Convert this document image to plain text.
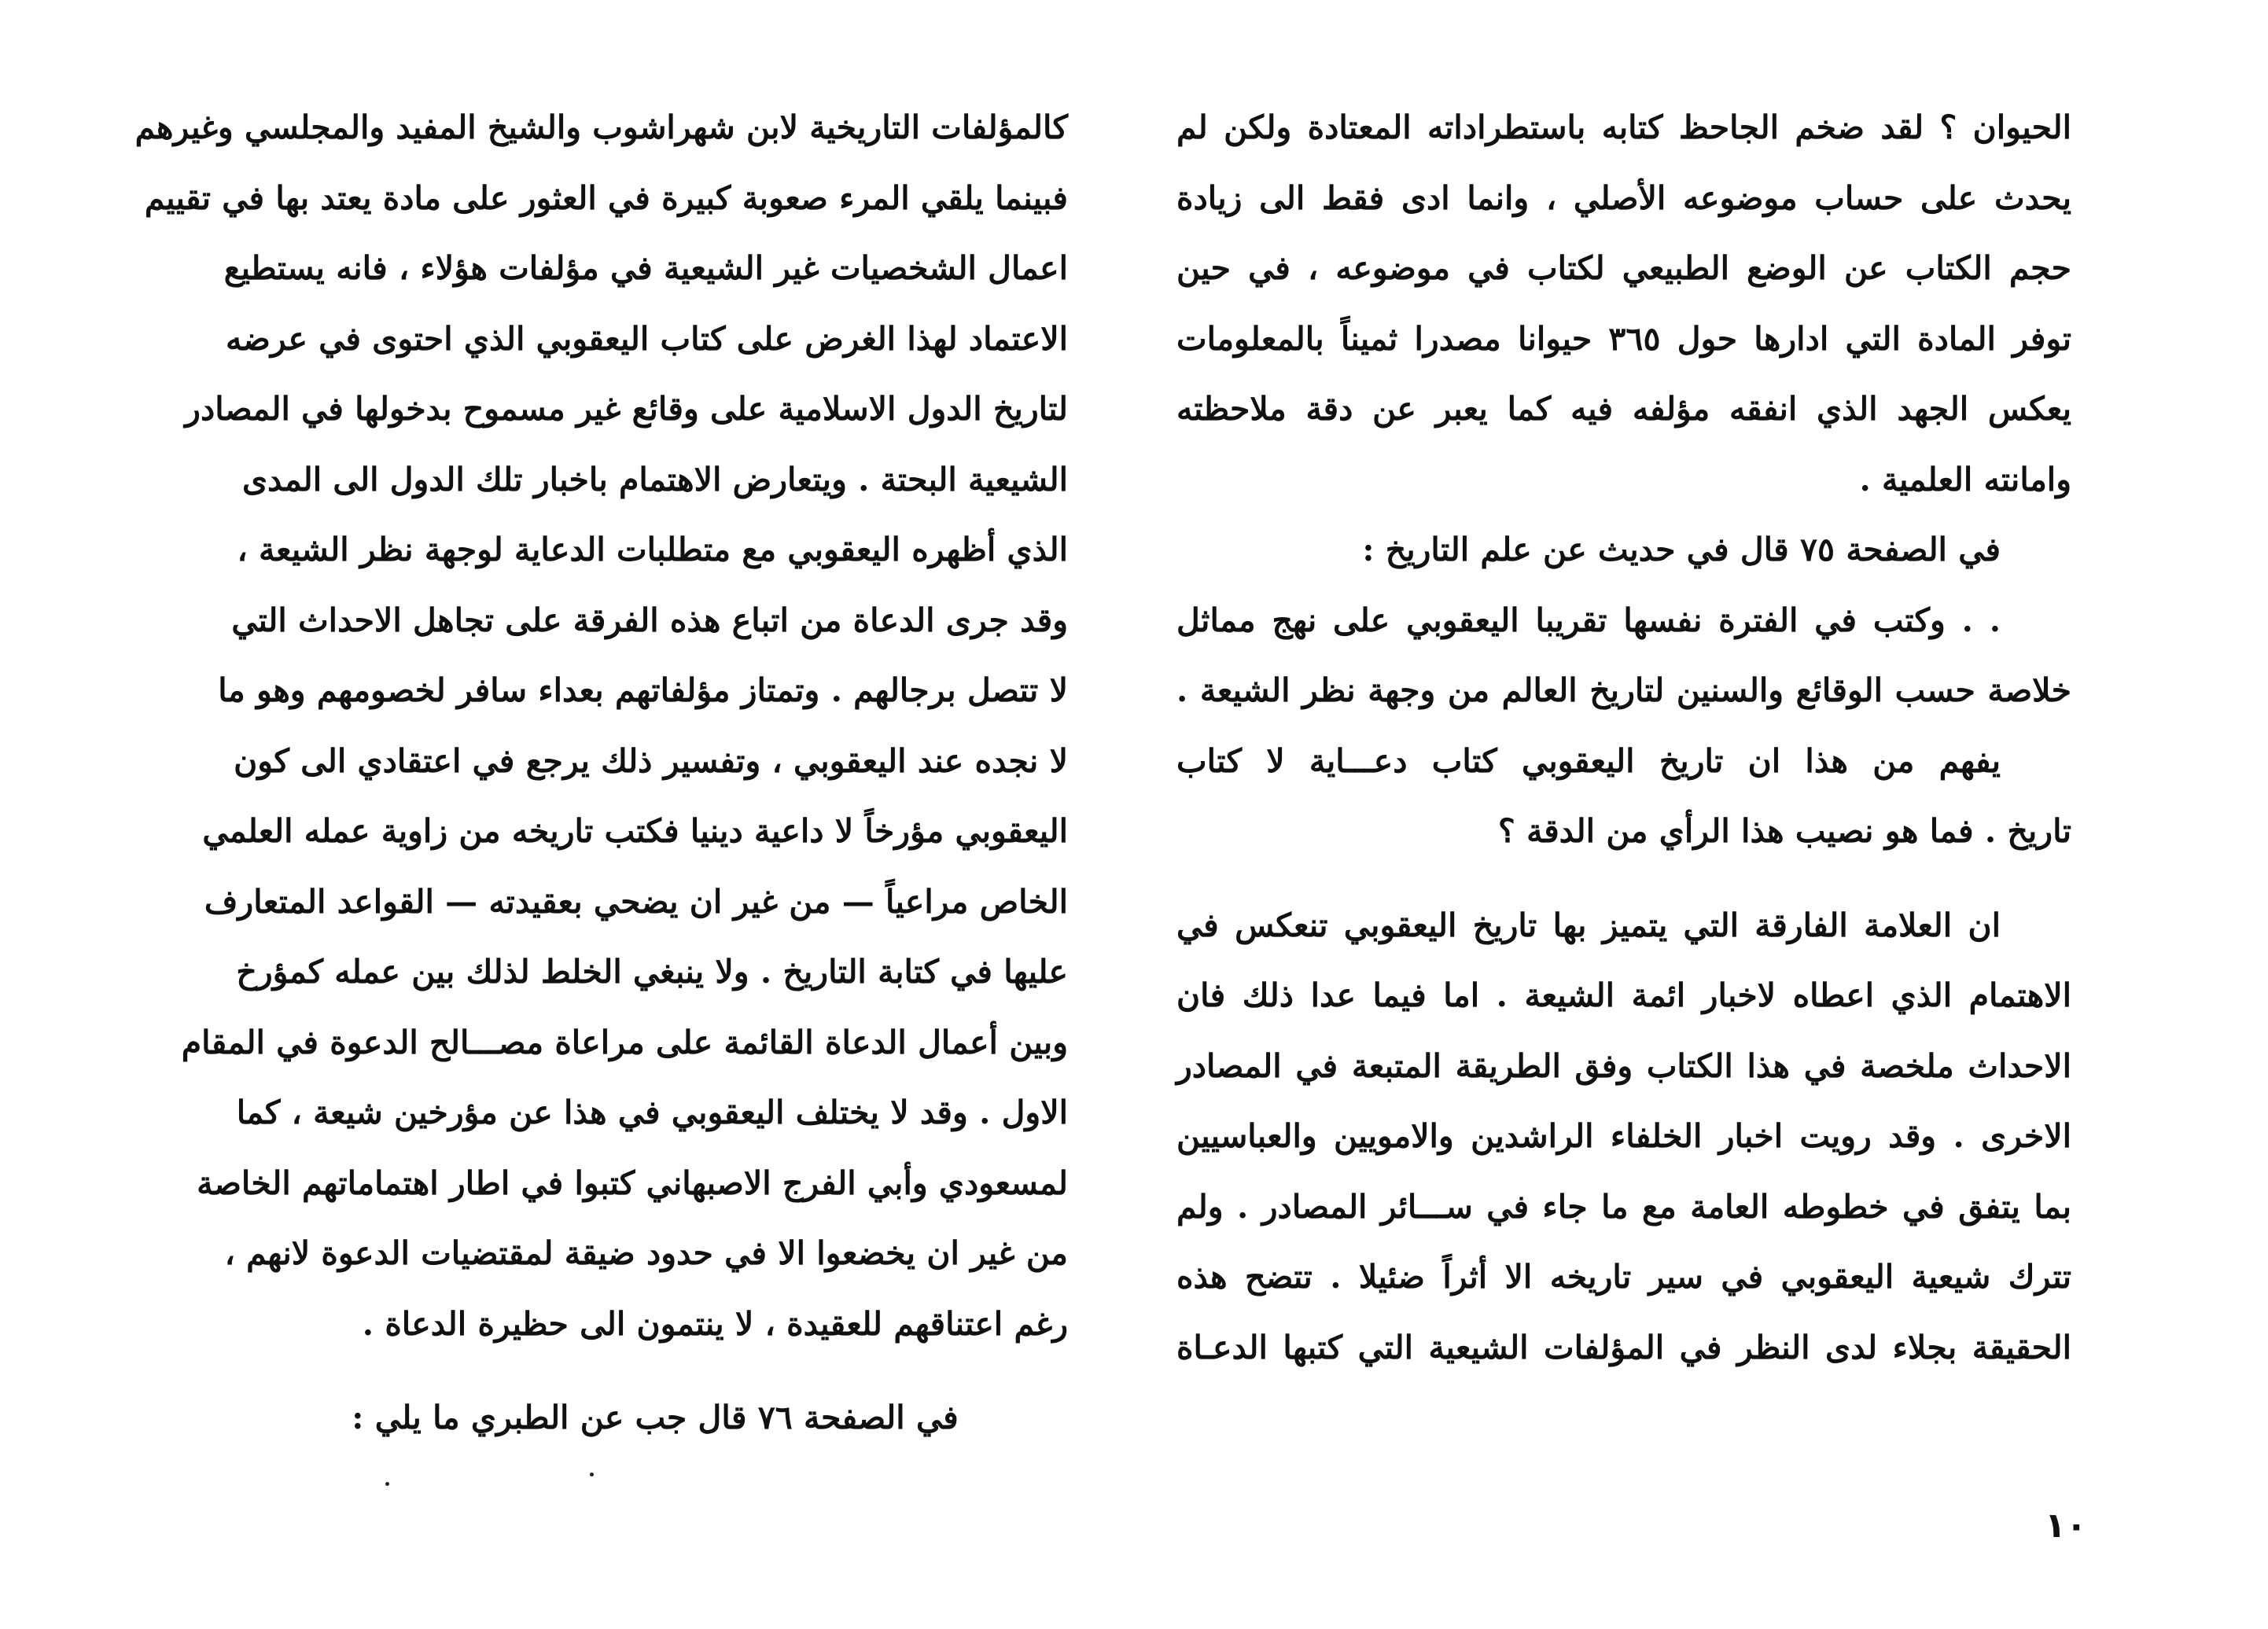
الحيوان ؟ لقد ضخم الجاحظ كتابه باستطراداته المعتادة ولكن لم
يحدث على حساب موضوعه الأصلي ، وانما ادى فقط الى زيادة
حجم الكتاب عن الوضع الطبيعي لكتاب في موضوعه ، في حين
توفر المادة التي ادارها حول ٣٦٥ حيوانا مصدرا ثميناً بالمعلومات
يعكس الجهد الذي انفقه مؤلفه فيه كما يعبر عن دقة ملاحظته
وامانته العلمية .
في الصفحة ٧٥ قال في حديث عن علم التاريخ :
. . وكتب في الفترة نفسها تقريبا اليعقوبي على نهج مماثل
خلاصة حسب الوقائع والسنين لتاريخ العالم من وجهة نظر الشيعة .
يفهم من هذا ان تاريخ اليعقوبي كتاب دعـــاية لا كتاب
تاريخ . فما هو نصيب هذا الرأي من الدقة ؟
ان العلامة الفارقة التي يتميز بها تاريخ اليعقوبي تنعكس في
الاهتمام الذي اعطاه لاخبار ائمة الشيعة . اما فيما عدا ذلك فان
الاحداث ملخصة في هذا الكتاب وفق الطريقة المتبعة في المصادر
الاخرى . وقد رويت اخبار الخلفاء الراشدين والامويين والعباسيين
بما يتفق في خطوطه العامة مع ما جاء في ســـائر المصادر . ولم
تترك شيعية اليعقوبي في سير تاريخه الا أثراً ضئيلا . تتضح هذه
الحقيقة بجلاء لدى النظر في المؤلفات الشيعية التي كتبها الدعـاة
١٠
كالمؤلفات التاريخية لابن شهراشوب والشيخ المفيد والمجلسي وغيرهم
فبينما يلقي المرء صعوبة كبيرة في العثور على مادة يعتد بها في تقييم
اعمال الشخصيات غير الشيعية في مؤلفات هؤلاء ، فانه يستطيع
الاعتماد لهذا الغرض على كتاب اليعقوبي الذي احتوى في عرضه
لتاريخ الدول الاسلامية على وقائع غير مسموح بدخولها في المصادر
الشيعية البحتة . ويتعارض الاهتمام باخبار تلك الدول الى المدى
الذي أظهره اليعقوبي مع متطلبات الدعاية لوجهة نظر الشيعة ،
وقد جرى الدعاة من اتباع هذه الفرقة على تجاهل الاحداث التي
لا تتصل برجالهم . وتمتاز مؤلفاتهم بعداء سافر لخصومهم وهو ما
لا نجده عند اليعقوبي ، وتفسير ذلك يرجع في اعتقادي الى كون
اليعقوبي مؤرخاً لا داعية دينيا فكتب تاريخه من زاوية عمله العلمي
الخاص مراعياً — من غير ان يضحي بعقيدته — القواعد المتعارف
عليها في كتابة التاريخ . ولا ينبغي الخلط لذلك بين عمله كمؤرخ
وبين أعمال الدعاة القائمة على مراعاة مصـــالح الدعوة في المقام
الاول . وقد لا يختلف اليعقوبي في هذا عن مؤرخين شيعة ، كما
لمسعودي وأبي الفرج الاصبهاني كتبوا في اطار اهتماماتهم الخاصة
من غير ان يخضعوا الا في حدود ضيقة لمقتضيات الدعوة لانهم ،
رغم اعتناقهم للعقيدة ، لا ينتمون الى حظيرة الدعاة .
في الصفحة ٧٦ قال جب عن الطبري ما يلي :
